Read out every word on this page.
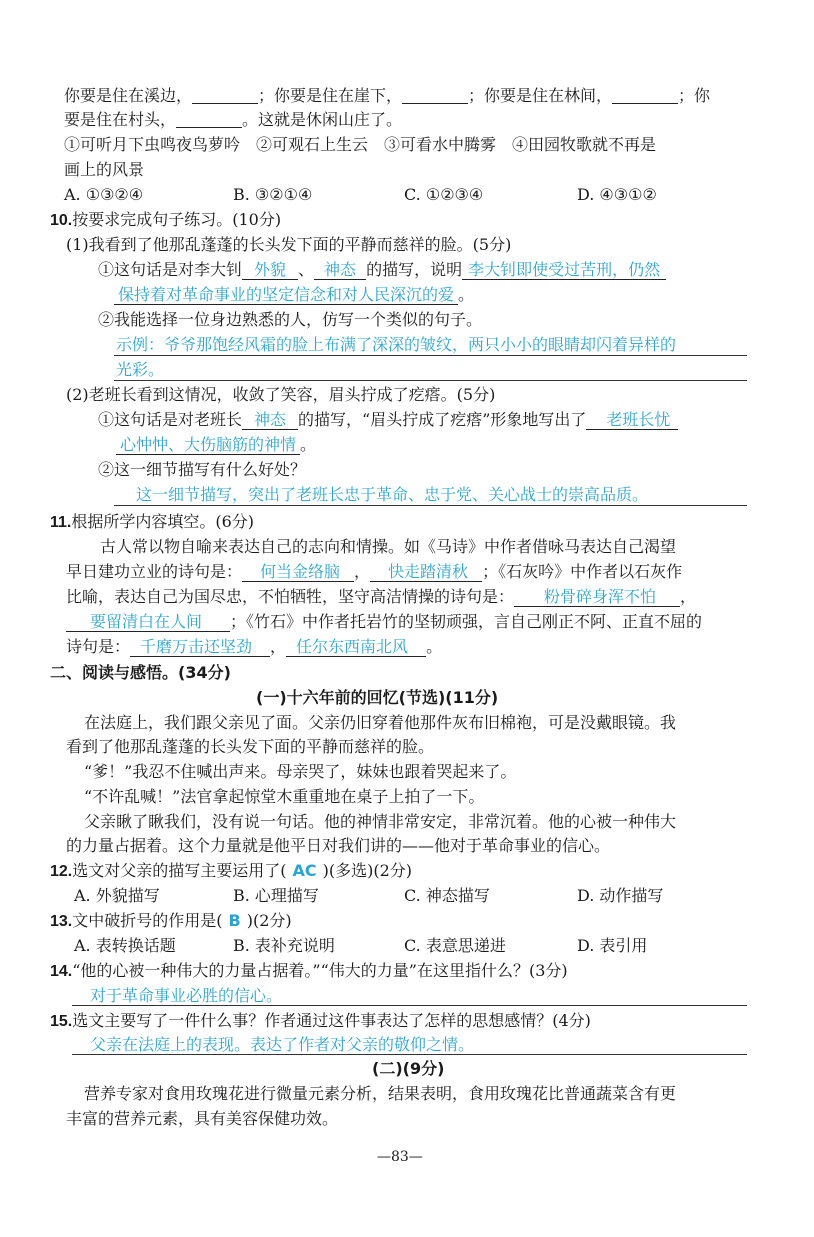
你要是住在溪边，	；你要是住在崖下，	；你要是住在林间，	；你
要是住在村头，	。这就是休闲山庄了。
①可听月下虫鸣夜鸟萝吟　②可观石上生云　③可看水中腾雾　④田园牧歌就不再是
画上的风景
A. ①③②④	B. ③②①④	C. ①②③④	D. ④③①②
10.按要求完成句子练习。(10分)
(1)我看到了他那乱蓬蓬的长头发下面的平静而慈祥的脸。(5分)
①这句话是对李大钊 外貌 、 神态 的描写，说明 李大钊即使受过苦刑，仍然
保持着对革命事业的坚定信念和对人民深沉的爱 。
②我能选择一位身边熟悉的人，仿写一个类似的句子。
示例：爷爷那饱经风霜的脸上布满了深深的皱纹，两只小小的眼睛却闪着异样的
光彩。
(2)老班长看到这情况，收敛了笑容，眉头拧成了疙瘩。(5分)
①这句话是对老班长 神态 的描写，“眉头拧成了疙瘩”形象地写出了 老班长忧
心忡忡、大伤脑筋的神情 。
②这一细节描写有什么好处？
这一细节描写，突出了老班长忠于革命、忠于党、关心战士的崇高品质。
11.根据所学内容填空。(6分)
古人常以物自喻来表达自己的志向和情操。如《马诗》中作者借咏马表达自己渴望
早日建功立业的诗句是： 何当金络脑 ， 快走踏清秋 ；《石灰吟》中作者以石灰作
比喻，表达自己为国尽忠，不怕牺牲，坚守高洁情操的诗句是： 粉骨碎身浑不怕 ，
要留清白在人间 ；《竹石》中作者托岩竹的坚韧顽强，言自己刚正不阿、正直不屈的
诗句是： 千磨万击还坚劲 ， 任尔东西南北风 。
二、阅读与感悟。(34分)
(一)十六年前的回忆(节选)(11分)
在法庭上，我们跟父亲见了面。父亲仍旧穿着他那件灰布旧棉袍，可是没戴眼镜。我
看到了他那乱蓬蓬的长头发下面的平静而慈祥的脸。
“爹！”我忍不住喊出声来。母亲哭了，妹妹也跟着哭起来了。
“不许乱喊！”法官拿起惊堂木重重地在桌子上拍了一下。
父亲瞅了瞅我们，没有说一句话。他的神情非常安定，非常沉着。他的心被一种伟大
的力量占据着。这个力量就是他平日对我们讲的——他对于革命事业的信心。
12.选文对父亲的描写主要运用了( AC )(多选)(2分)
A. 外貌描写	B. 心理描写	C. 神态描写	D. 动作描写
13.文中破折号的作用是( B )(2分)
A. 表转换话题	B. 表补充说明	C. 表意思递进	D. 表引用
14.“他的心被一种伟大的力量占据着。”“伟大的力量”在这里指什么？(3分)
对于革命事业必胜的信心。
15.选文主要写了一件什么事？作者通过这件事表达了怎样的思想感情？(4分)
父亲在法庭上的表现。表达了作者对父亲的敬仰之情。
(二)(9分)
营养专家对食用玫瑰花进行微量元素分析，结果表明，食用玫瑰花比普通蔬菜含有更
丰富的营养元素，具有美容保健功效。
—83—
